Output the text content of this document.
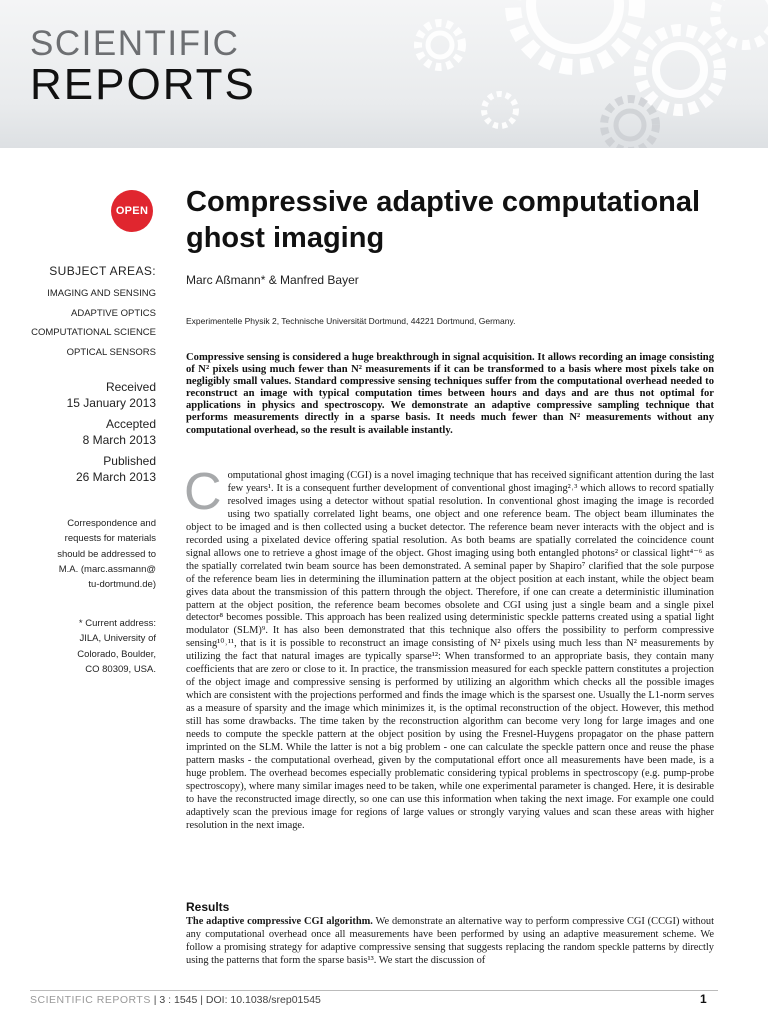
SCIENTIFIC
REPORTS
OPEN
SUBJECT AREAS:
IMAGING AND SENSING
ADAPTIVE OPTICS
COMPUTATIONAL SCIENCE
OPTICAL SENSORS
Received
15 January 2013
Accepted
8 March 2013
Published
26 March 2013
Correspondence and
requests for materials
should be addressed to
M.A. (marc.assmann@
tu-dortmund.de)
* Current address:
JILA, University of
Colorado, Boulder,
CO 80309, USA.
Compressive adaptive computational ghost imaging
Marc Aßmann* & Manfred Bayer
Experimentelle Physik 2, Technische Universität Dortmund, 44221 Dortmund, Germany.

Compressive sensing is considered a huge breakthrough in signal acquisition. It allows recording an image consisting of N² pixels using much fewer than N² measurements if it can be transformed to a basis where most pixels take on negligibly small values. Standard compressive sensing techniques suffer from the computational overhead needed to reconstruct an image with typical computation times between hours and days and are thus not optimal for applications in physics and spectroscopy. We demonstrate an adaptive compressive sampling technique that performs measurements directly in a sparse basis. It needs much fewer than N² measurements without any computational overhead, so the result is available instantly.

Computational ghost imaging (CGI) is a novel imaging technique that has received significant attention during the last few years¹. It is a consequent further development of conventional ghost imaging²˒³ which allows to record spatially resolved images using a detector without spatial resolution. In conventional ghost imaging the image is recorded using two spatially correlated light beams, one object and one reference beam. The object beam illuminates the object to be imaged and is then collected using a bucket detector. The reference beam never interacts with the object and is recorded using a pixelated device offering spatial resolution. As both beams are spatially correlated the coincidence count signal allows one to retrieve a ghost image of the object. Ghost imaging using both entangled photons² or classical light⁴⁻⁶ as the spatially correlated twin beam source has been demonstrated. A seminal paper by Shapiro⁷ clarified that the sole purpose of the reference beam lies in determining the illumination pattern at the object position at each instant, while the object beam gives data about the transmission of this pattern through the object. Therefore, if one can create a deterministic illumination pattern at the object position, the reference beam becomes obsolete and CGI using just a single beam and a single pixel detector⁸ becomes possible. This approach has been realized using deterministic speckle patterns created using a spatial light modulator (SLM)⁹. It has also been demonstrated that this technique also offers the possibility to perform compressive sensing¹⁰˒¹¹, that is it is possible to reconstruct an image consisting of N² pixels using much less than N² measurements by utilizing the fact that natural images are typically sparse¹²: When transformed to an appropriate basis, they contain many coefficients that are zero or close to it. In practice, the transmission measured for each speckle pattern constitutes a projection of the object image and compressive sensing is performed by utilizing an algorithm which checks all the possible images which are consistent with the projections performed and finds the image which is the sparsest one. Usually the L1-norm serves as a measure of sparsity and the image which minimizes it, is the optimal reconstruction of the object. However, this method still has some drawbacks. The time taken by the reconstruction algorithm can become very long for large images and one needs to compute the speckle pattern at the object position by using the Fresnel-Huygens propagator on the phase pattern imprinted on the SLM. While the latter is not a big problem - one can calculate the speckle pattern once and reuse the phase pattern masks - the computational overhead, given by the computational effort once all measurements have been made, is a huge problem. The overhead becomes especially problematic considering typical problems in spectroscopy (e.g. pump-probe spectroscopy), where many similar images need to be taken, while one experimental parameter is changed. Here, it is desirable to have the reconstructed image directly, so one can use this information when taking the next image. For example one could adaptively scan the previous image for regions of large values or strongly varying values and scan these areas with higher resolution in the next image.
Results

The adaptive compressive CGI algorithm. We demonstrate an alternative way to perform compressive CGI (CCGI) without any computational overhead once all measurements have been performed by using an adaptive measurement scheme. We follow a promising strategy for adaptive compressive sensing that suggests replacing the random speckle patterns by directly using the patterns that form the sparse basis¹³. We start the discussion of

SCIENTIFIC REPORTS | 3 : 1545 | DOI: 10.1038/srep01545	1
